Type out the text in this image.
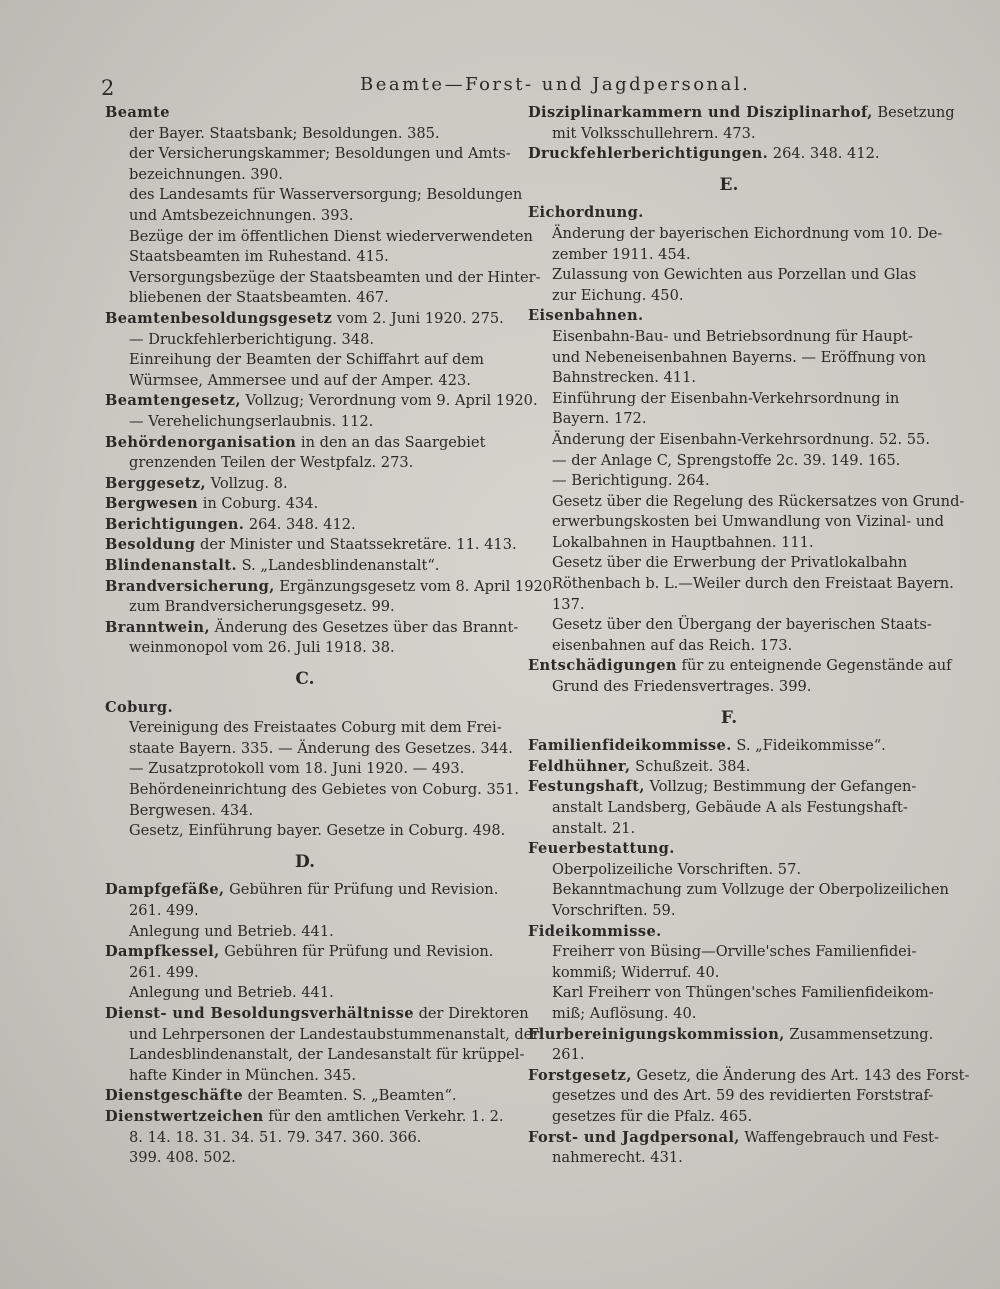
2	Beamte—Forst- und Jagdpersonal.
Beamte
der Bayer. Staatsbank; Besoldungen. 385.
der Versicherungskammer; Besoldungen und Amts-
bezeichnungen. 390.
des Landesamts für Wasserversorgung; Besoldungen
und Amtsbezeichnungen. 393.
Bezüge der im öffentlichen Dienst wiederverwendeten
Staatsbeamten im Ruhestand. 415.
Versorgungsbezüge der Staatsbeamten und der Hinter-
bliebenen der Staatsbeamten. 467.
Beamtenbesoldungsgesetz vom 2. Juni 1920. 275.
— Druckfehlerberichtigung. 348.
Einreihung der Beamten der Schiffahrt auf dem
Würmsee, Ammersee und auf der Amper. 423.
Beamtengesetz, Vollzug; Verordnung vom 9. April 1920.
— Verehelichungserlaubnis. 112.
Behördenorganisation in den an das Saargebiet
grenzenden Teilen der Westpfalz. 273.
Berggesetz, Vollzug. 8.
Bergwesen in Coburg. 434.
Berichtigungen. 264. 348. 412.
Besoldung der Minister und Staatssekretäre. 11. 413.
Blindenanstalt. S. „Landesblindenanstalt“.
Brandversicherung, Ergänzungsgesetz vom 8. April 1920
zum Brandversicherungsgesetz. 99.
Branntwein, Änderung des Gesetzes über das Brannt-
weinmonopol vom 26. Juli 1918. 38.
C.
Coburg.
Vereinigung des Freistaates Coburg mit dem Frei-
staate Bayern. 335. — Änderung des Gesetzes. 344.
— Zusatzprotokoll vom 18. Juni 1920. — 493.
Behördeneinrichtung des Gebietes von Coburg. 351.
Bergwesen. 434.
Gesetz, Einführung bayer. Gesetze in Coburg. 498.
D.
Dampfgefäße, Gebühren für Prüfung und Revision.
261. 499.
Anlegung und Betrieb. 441.
Dampfkessel, Gebühren für Prüfung und Revision.
261. 499.
Anlegung und Betrieb. 441.
Dienst- und Besoldungsverhältnisse der Direktoren
und Lehrpersonen der Landestaubstummenanstalt, der
Landesblindenanstalt, der Landesanstalt für krüppel-
hafte Kinder in München. 345.
Dienstgeschäfte der Beamten. S. „Beamten“.
Dienstwertzeichen für den amtlichen Verkehr. 1. 2.
8. 14. 18. 31. 34. 51. 79. 347. 360. 366.
399. 408. 502.
Disziplinarkammern und Disziplinarhof, Besetzung
mit Volksschullehrern. 473.
Druckfehlerberichtigungen. 264. 348. 412.
E.
Eichordnung.
Änderung der bayerischen Eichordnung vom 10. De-
zember 1911. 454.
Zulassung von Gewichten aus Porzellan und Glas
zur Eichung. 450.
Eisenbahnen.
Eisenbahn-Bau- und Betriebsordnung für Haupt-
und Nebeneisenbahnen Bayerns. — Eröffnung von
Bahnstrecken. 411.
Einführung der Eisenbahn-Verkehrsordnung in
Bayern. 172.
Änderung der Eisenbahn-Verkehrsordnung. 52. 55.
— der Anlage C, Sprengstoffe 2c. 39. 149. 165.
— Berichtigung. 264.
Gesetz über die Regelung des Rückersatzes von Grund-
erwerbungskosten bei Umwandlung von Vizinal- und
Lokalbahnen in Hauptbahnen. 111.
Gesetz über die Erwerbung der Privatlokalbahn
Röthenbach b. L.—Weiler durch den Freistaat Bayern.
137.
Gesetz über den Übergang der bayerischen Staats-
eisenbahnen auf das Reich. 173.
Entschädigungen für zu enteignende Gegenstände auf
Grund des Friedensvertrages. 399.
F.
Familienfideikommisse. S. „Fideikommisse“.
Feldhühner, Schußzeit. 384.
Festungshaft, Vollzug; Bestimmung der Gefangen-
anstalt Landsberg, Gebäude A als Festungshaft-
anstalt. 21.
Feuerbestattung.
Oberpolizeiliche Vorschriften. 57.
Bekanntmachung zum Vollzuge der Oberpolizeilichen
Vorschriften. 59.
Fideikommisse.
Freiherr von Büsing—Orville'sches Familienfidei-
kommiß; Widerruf. 40.
Karl Freiherr von Thüngen'sches Familienfideikom-
miß; Auflösung. 40.
Flurbereinigungskommission, Zusammensetzung.
261.
Forstgesetz, Gesetz, die Änderung des Art. 143 des Forst-
gesetzes und des Art. 59 des revidierten Forststraf-
gesetzes für die Pfalz. 465.
Forst- und Jagdpersonal, Waffengebrauch und Fest-
nahmerecht. 431.
